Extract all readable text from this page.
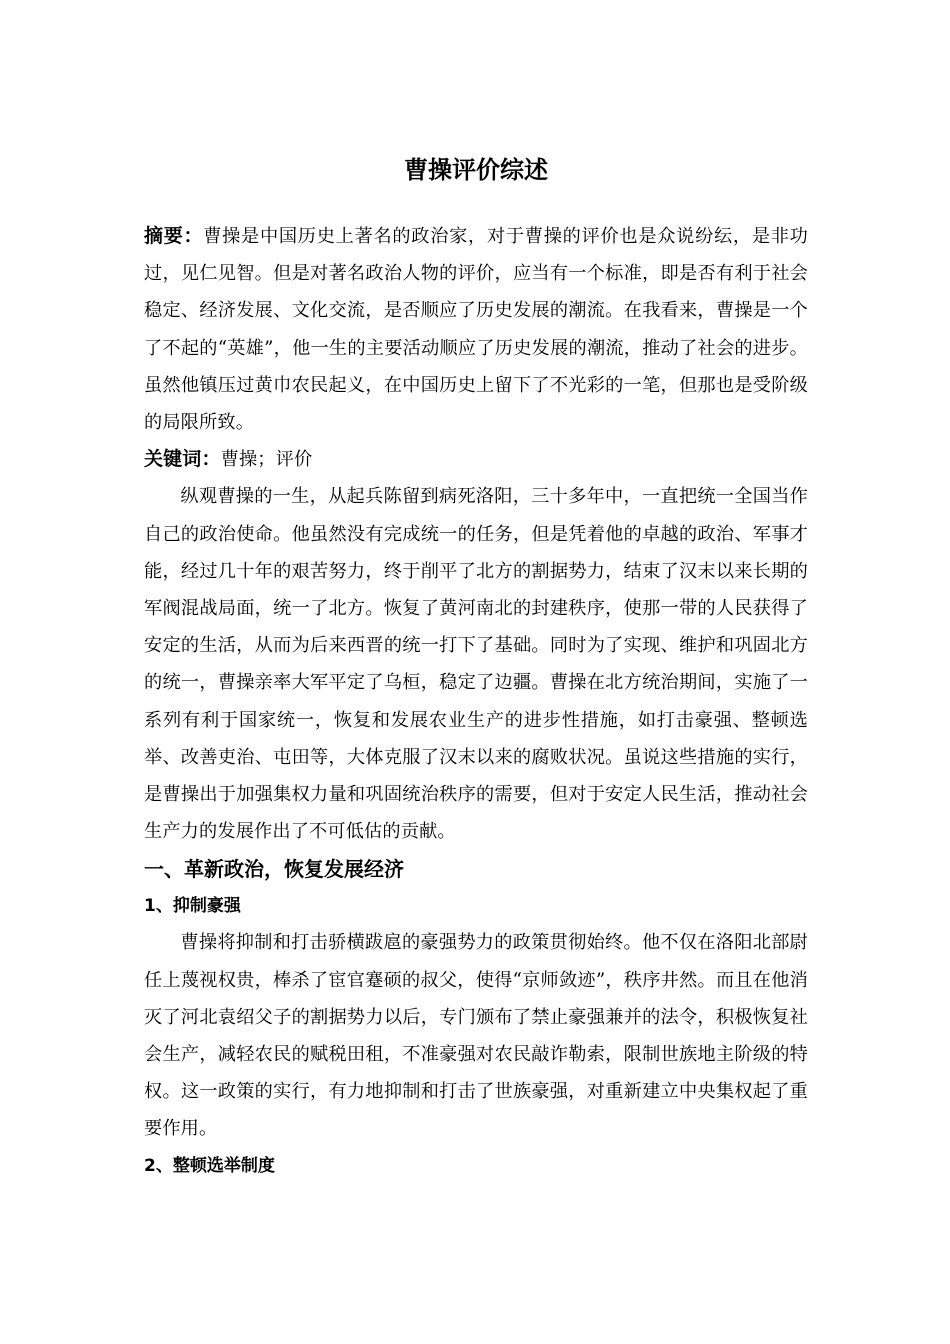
曹操评价综述

摘要：曹操是中国历史上著名的政治家，对于曹操的评价也是众说纷纭，是非功过，见仁见智。但是对著名政治人物的评价，应当有一个标准，即是否有利于社会稳定、经济发展、文化交流，是否顺应了历史发展的潮流。在我看来，曹操是一个了不起的“英雄”，他一生的主要活动顺应了历史发展的潮流，推动了社会的进步。虽然他镇压过黄巾农民起义，在中国历史上留下了不光彩的一笔，但那也是受阶级的局限所致。

关键词：曹操；评价

纵观曹操的一生，从起兵陈留到病死洛阳，三十多年中，一直把统一全国当作自己的政治使命。他虽然没有完成统一的任务，但是凭着他的卓越的政治、军事才能，经过几十年的艰苦努力，终于削平了北方的割据势力，结束了汉末以来长期的军阀混战局面，统一了北方。恢复了黄河南北的封建秩序，使那一带的人民获得了安定的生活，从而为后来西晋的统一打下了基础。同时为了实现、维护和巩固北方的统一，曹操亲率大军平定了乌桓，稳定了边疆。曹操在北方统治期间，实施了一系列有利于国家统一，恢复和发展农业生产的进步性措施，如打击豪强、整顿选举、改善吏治、屯田等，大体克服了汉末以来的腐败状况。虽说这些措施的实行，是曹操出于加强集权力量和巩固统治秩序的需要，但对于安定人民生活，推动社会生产力的发展作出了不可低估的贡献。

一、革新政治，恢复发展经济
1、抑制豪强

曹操将抑制和打击骄横跋扈的豪强势力的政策贯彻始终。他不仅在洛阳北部尉任上蔑视权贵，棒杀了宦官蹇硕的叔父，使得“京师敛迹”，秩序井然。而且在他消灭了河北袁绍父子的割据势力以后，专门颁布了禁止豪强兼并的法令，积极恢复社会生产，减轻农民的赋税田租，不准豪强对农民敲诈勒索，限制世族地主阶级的特权。这一政策的实行，有力地抑制和打击了世族豪强，对重新建立中央集权起了重要作用。

2、整顿选举制度
